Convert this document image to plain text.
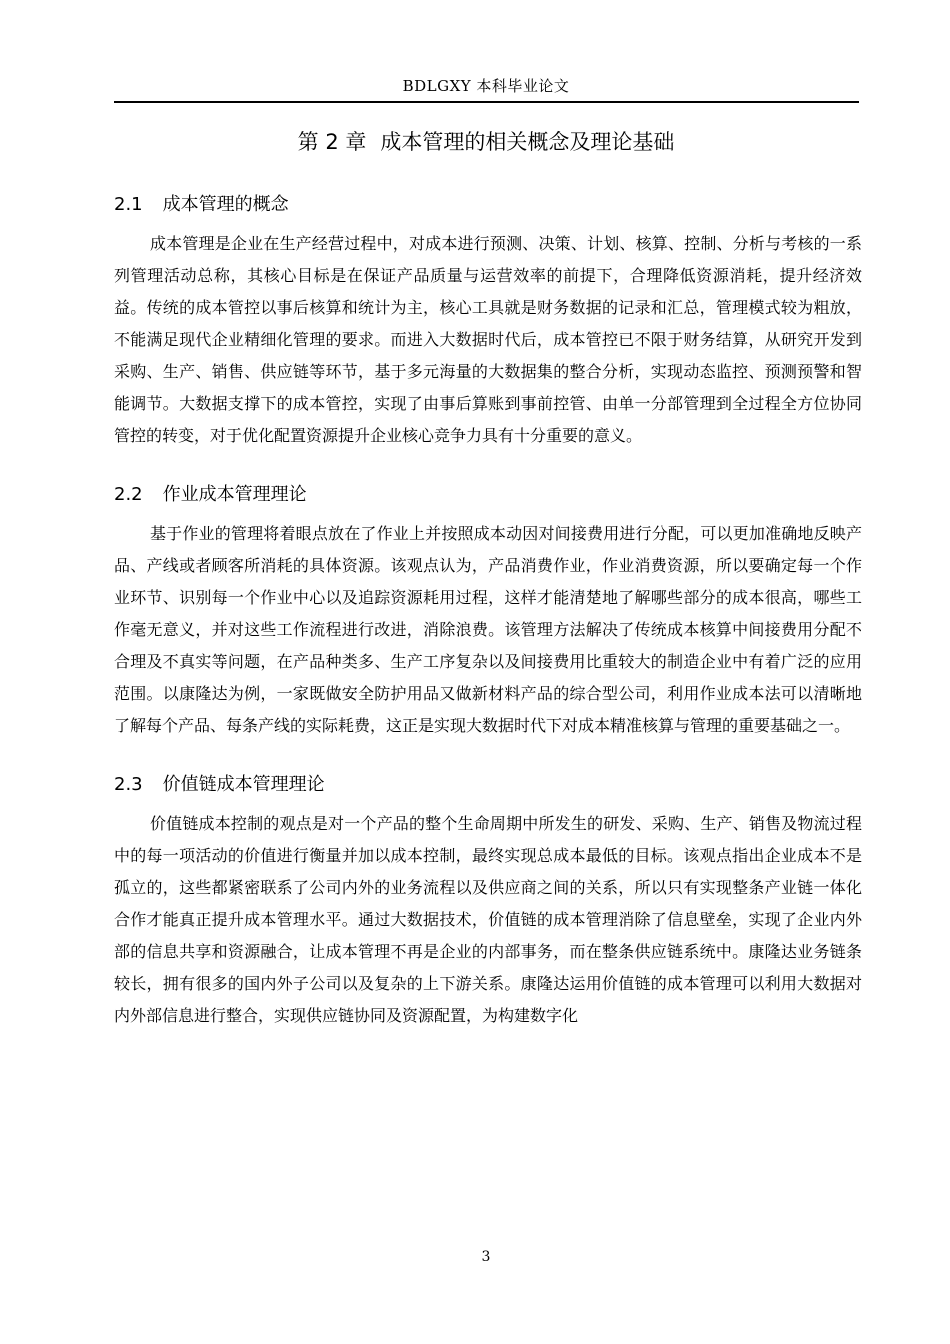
BDLGXY 本科毕业论文
第 2 章 成本管理的相关概念及理论基础
2.1 成本管理的概念

成本管理是企业在生产经营过程中，对成本进行预测、决策、计划、核算、控制、分析与考核的一系列管理活动总称，其核心目标是在保证产品质量与运营效率的前提下，合理降低资源消耗，提升经济效益。传统的成本管控以事后核算和统计为主，核心工具就是财务数据的记录和汇总，管理模式较为粗放，不能满足现代企业精细化管理的要求。而进入大数据时代后，成本管控已不限于财务结算，从研究开发到采购、生产、销售、供应链等环节，基于多元海量的大数据集的整合分析，实现动态监控、预测预警和智能调节。大数据支撑下的成本管控，实现了由事后算账到事前控管、由单一分部管理到全过程全方位协同管控的转变，对于优化配置资源提升企业核心竞争力具有十分重要的意义。

2.2 作业成本管理理论

基于作业的管理将着眼点放在了作业上并按照成本动因对间接费用进行分配，可以更加准确地反映产品、产线或者顾客所消耗的具体资源。该观点认为，产品消费作业，作业消费资源，所以要确定每一个作业环节、识别每一个作业中心以及追踪资源耗用过程，这样才能清楚地了解哪些部分的成本很高，哪些工作毫无意义，并对这些工作流程进行改进，消除浪费。该管理方法解决了传统成本核算中间接费用分配不合理及不真实等问题，在产品种类多、生产工序复杂以及间接费用比重较大的制造企业中有着广泛的应用范围。以康隆达为例，一家既做安全防护用品又做新材料产品的综合型公司，利用作业成本法可以清晰地了解每个产品、每条产线的实际耗费，这正是实现大数据时代下对成本精准核算与管理的重要基础之一。

2.3 价值链成本管理理论

价值链成本控制的观点是对一个产品的整个生命周期中所发生的研发、采购、生产、销售及物流过程中的每一项活动的价值进行衡量并加以成本控制，最终实现总成本最低的目标。该观点指出企业成本不是孤立的，这些都紧密联系了公司内外的业务流程以及供应商之间的关系，所以只有实现整条产业链一体化合作才能真正提升成本管理水平。通过大数据技术，价值链的成本管理消除了信息壁垒，实现了企业内外部的信息共享和资源融合，让成本管理不再是企业的内部事务，而在整条供应链系统中。康隆达业务链条较长，拥有很多的国内外子公司以及复杂的上下游关系。康隆达运用价值链的成本管理可以利用大数据对内外部信息进行整合，实现供应链协同及资源配置，为构建数字化

3
